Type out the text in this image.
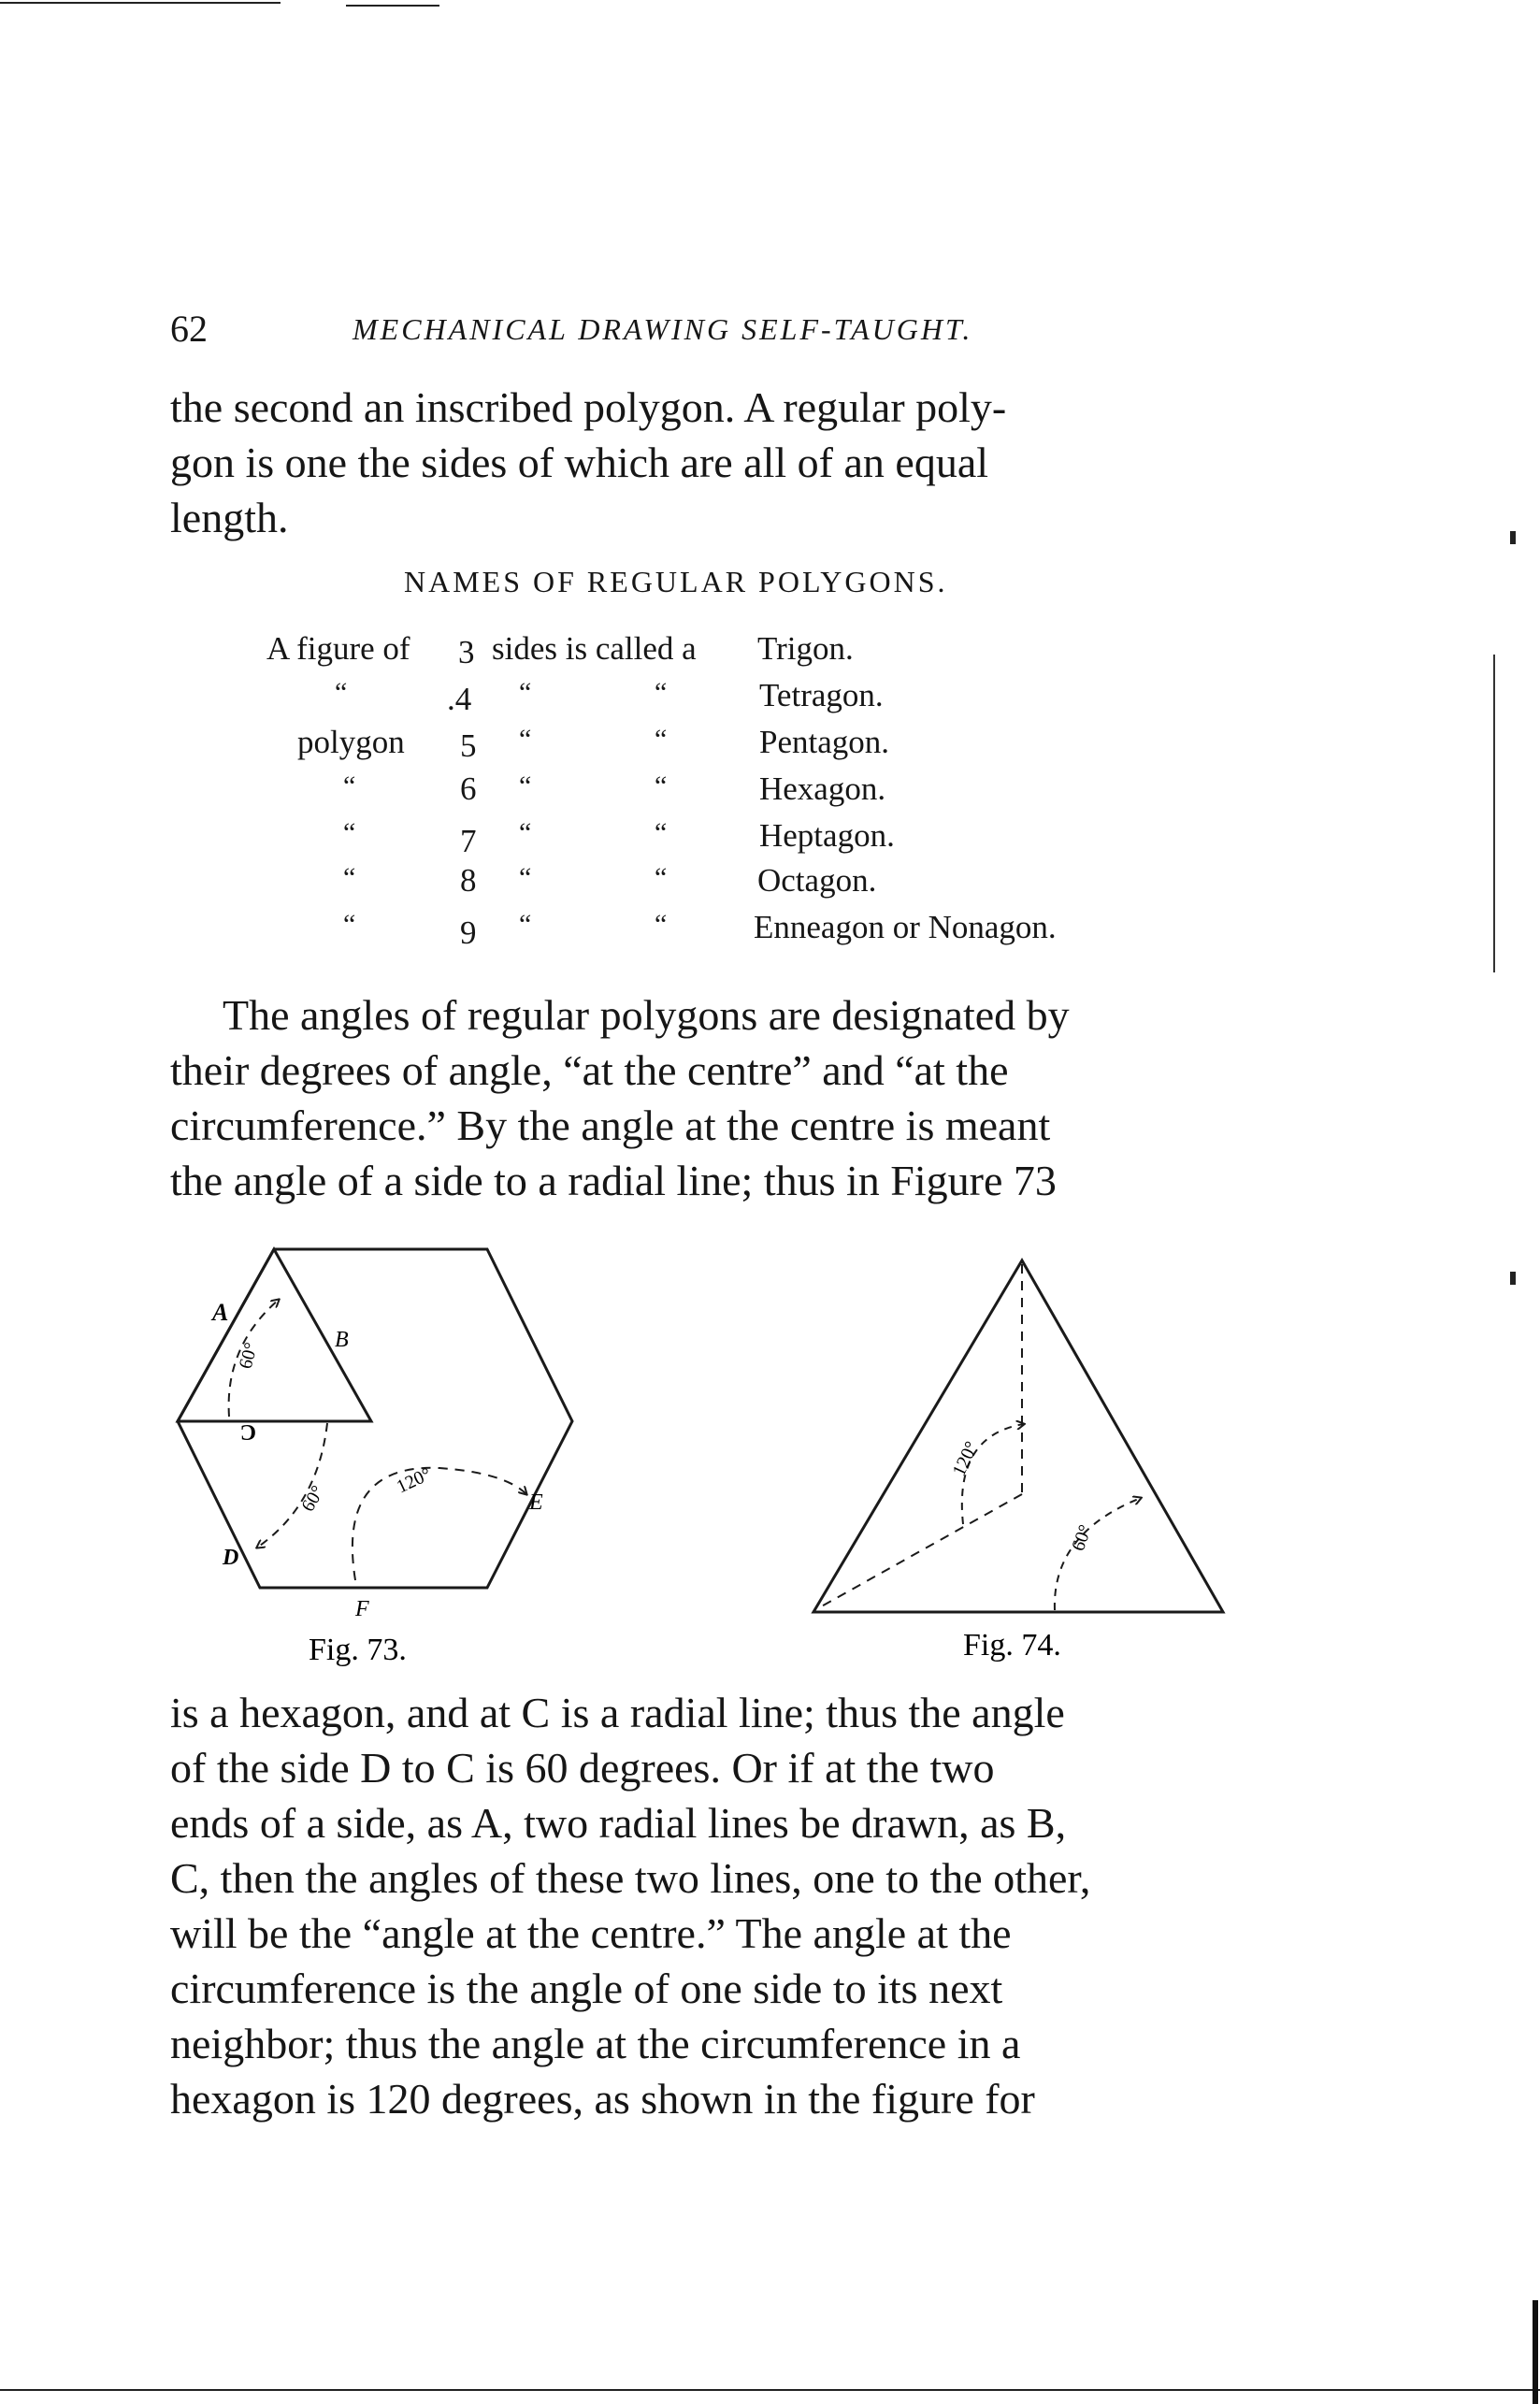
62	MECHANICAL DRAWING SELF-TAUGHT.

the second an inscribed polygon. A regular poly-

gon is one the sides of which are all of an equal

length.

NAMES OF REGULAR POLYGONS.
A figure of 3 sides is called a Trigon.
“	.4 “	“	Tetragon.
polygon 5 “	“	Pentagon.
“	6 “	“	Hexagon.
“	7 “	“	Heptagon.
“	8 “	“	Octagon.
“	9 “	“	Enneagon or Nonagon.

The angles of regular polygons are designated by

their degrees of angle, “at the centre” and “at the

circumference.” By the angle at the centre is meant

the angle of a side to a radial line; thus in Figure 73

A
B
C
D
E
F
60°
60°
120°
Fig. 73.
120°
60°
Fig. 74.

is a hexagon, and at C is a radial line; thus the angle

of the side D to C is 60 degrees. Or if at the two

ends of a side, as A, two radial lines be drawn, as B,

C, then the angles of these two lines, one to the other,

will be the “angle at the centre.” The angle at the

circumference is the angle of one side to its next

neighbor; thus the angle at the circumference in a

hexagon is 120 degrees, as shown in the figure for
